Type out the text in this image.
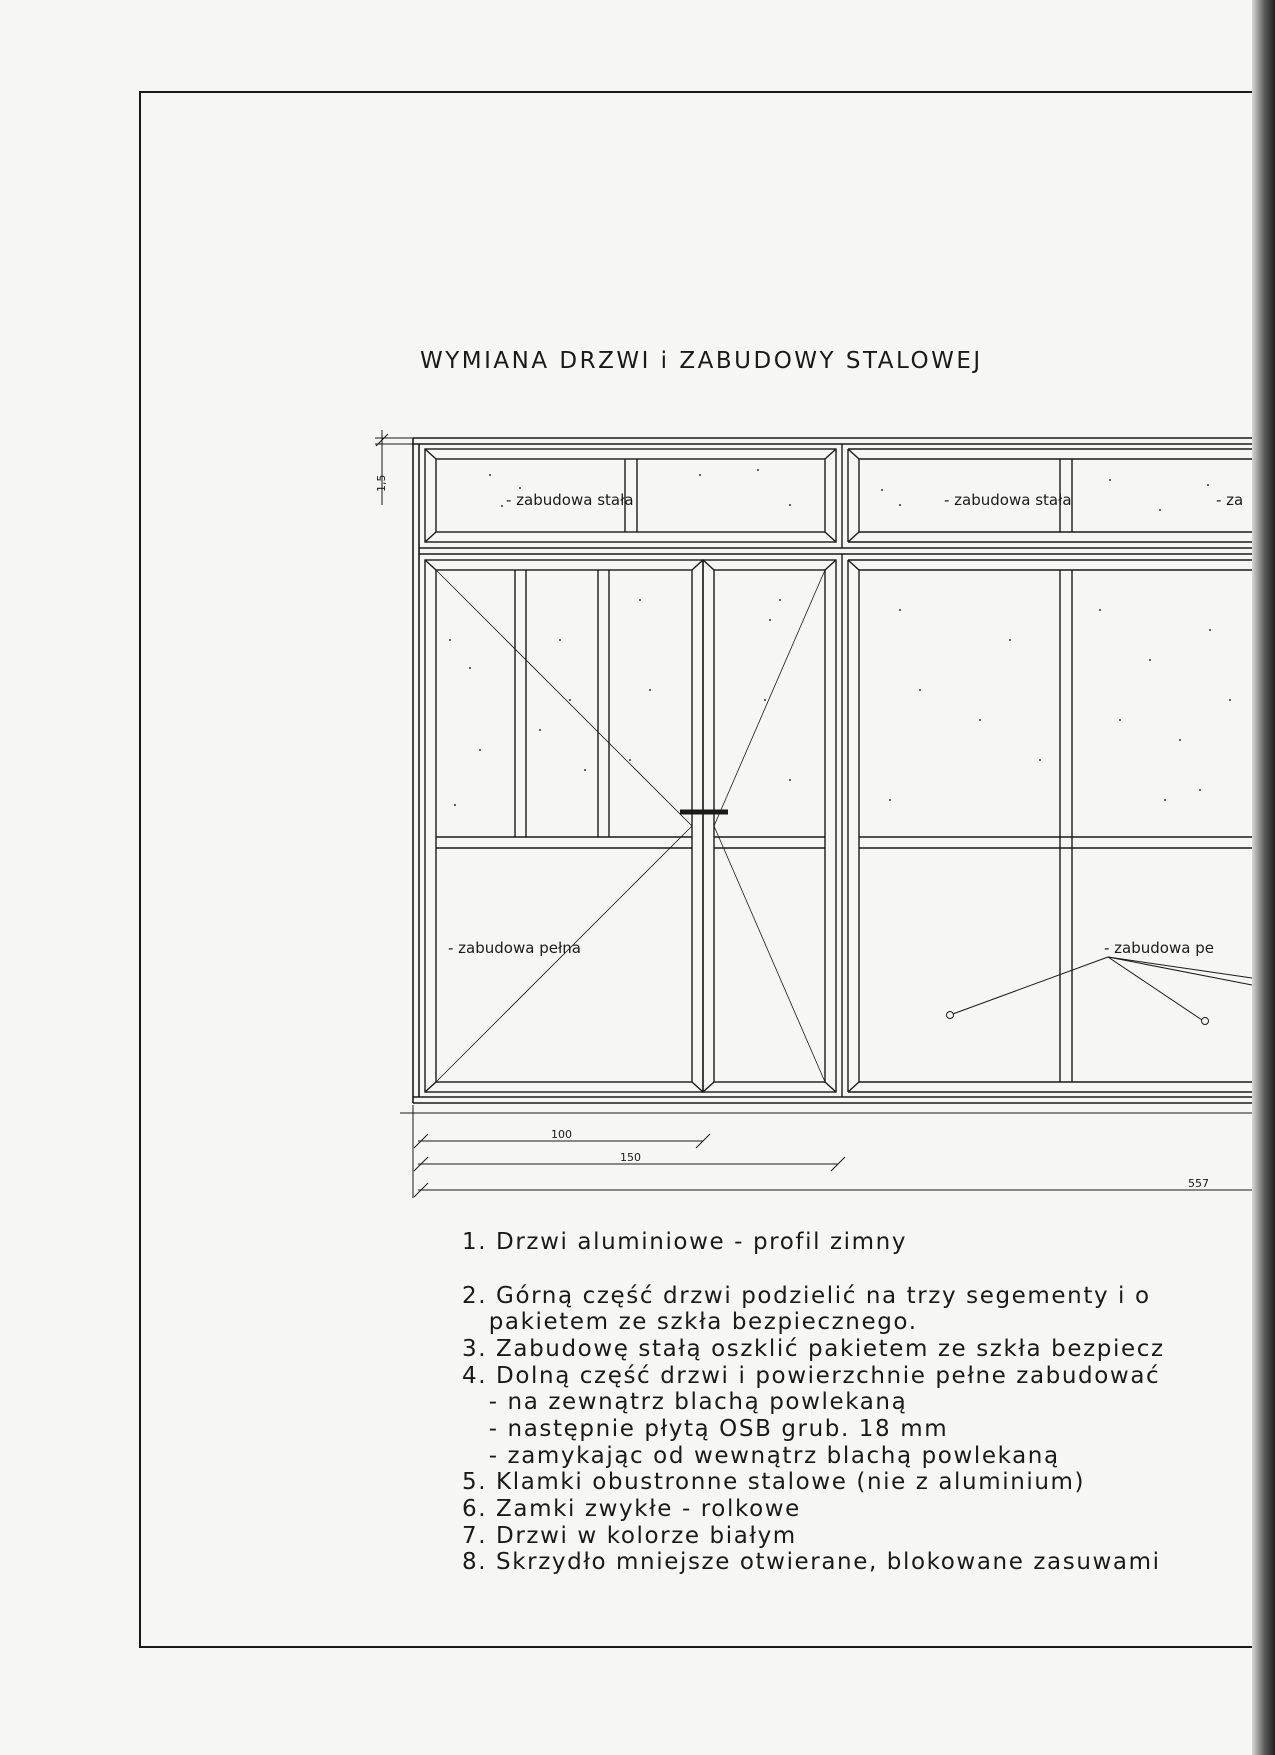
WYMIANA DRZWI i ZABUDOWY STALOWEJ
- zabudowa stała	- zabudowa stała	- za
- zabudowa pełna	- zabudowa pe
1,5
100
150
557
1. Drzwi aluminiowe - profil zimny
2. Górną część drzwi podzielić na trzy segementy i o
pakietem ze szkła bezpiecznego.
3. Zabudowę stałą oszklić pakietem ze szkła bezpiecz
4. Dolną część drzwi i powierzchnie pełne zabudować
- na zewnątrz blachą powlekaną
- następnie płytą OSB grub. 18 mm
- zamykając od wewnątrz blachą powlekaną
5. Klamki obustronne stalowe (nie z aluminium)
6. Zamki zwykłe - rolkowe
7. Drzwi w kolorze białym
8. Skrzydło mniejsze otwierane, blokowane zasuwami
